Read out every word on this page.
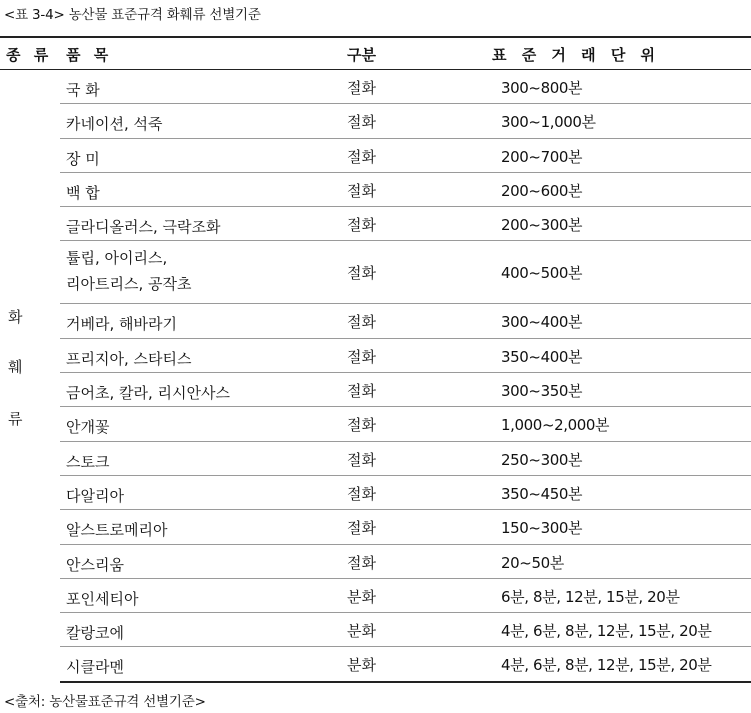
<표 3-4> 농산물 표준규격 화훼류 선별기준
종 류 품 목	구분	표 준 거 래 단 위
화
훼
류
국 화	절화	300~800본
카네이션, 석죽	절화	300~1,000본
장 미	절화	200~700본
백 합	절화	200~600본
글라디올러스, 극락조화	절화	200~300본
튤립, 아이리스,
리아트리스, 공작초
절화	400~500본
거베라, 해바라기	절화	300~400본
프리지아, 스타티스	절화	350~400본
금어초, 칼라, 리시안사스	절화	300~350본
안개꽃	절화	1,000~2,000본
스토크	절화	250~300본
다알리아	절화	350~450본
알스트로메리아	절화	150~300본
안스리움	절화	20~50본
포인세티아	분화	6분, 8분, 12분, 15분, 20분
칼랑코에	분화	4분, 6분, 8분, 12분, 15분, 20분
시클라멘	분화	4분, 6분, 8분, 12분, 15분, 20분
<출처: 농산물표준규격 선별기준>
